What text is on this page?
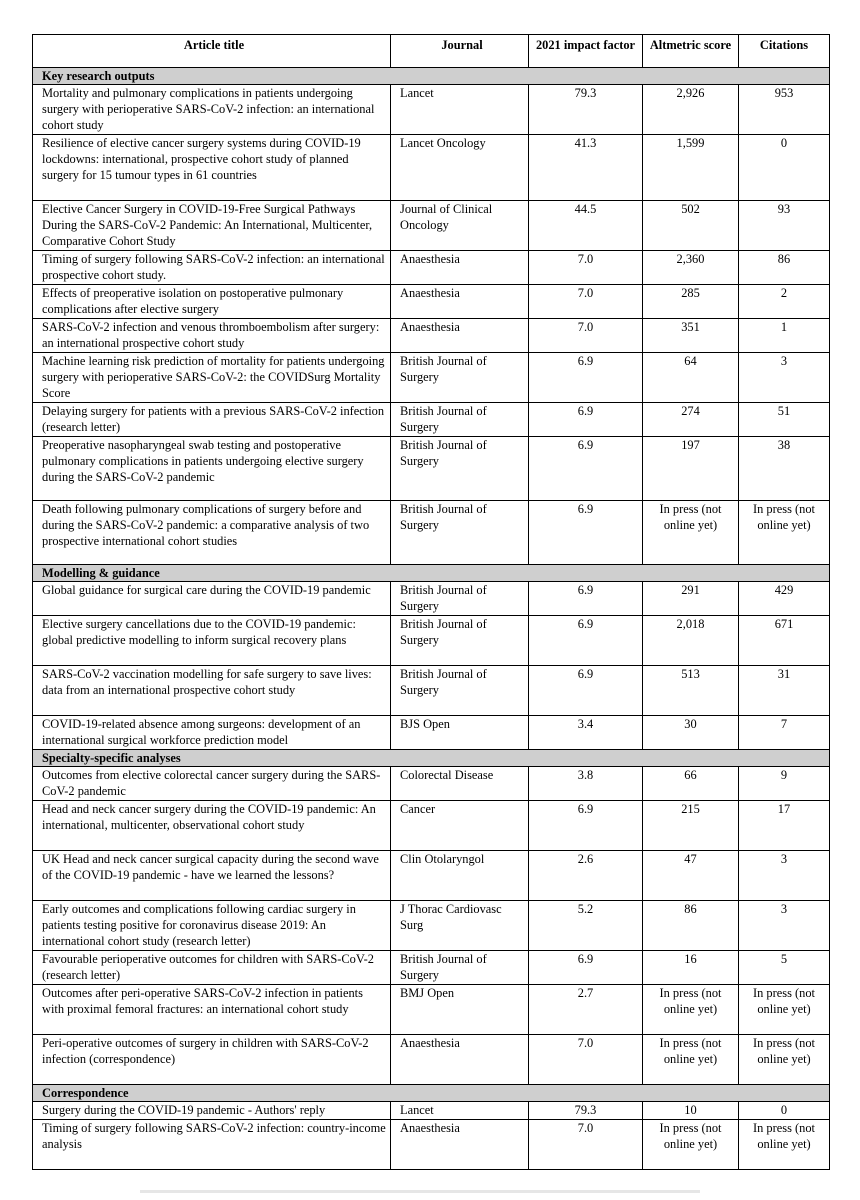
Article title	Journal	2021 impact factor	Altmetric score	Citations
Key research outputs				
Mortality and pulmonary complications in patients undergoing surgery with perioperative SARS-CoV-2 infection: an international cohort study	Lancet	79.3	2,926	953
Resilience of elective cancer surgery systems during COVID-19 lockdowns: international, prospective cohort study of planned surgery for 15 tumour types in 61 countries	Lancet Oncology	41.3	1,599	0
Elective Cancer Surgery in COVID-19-Free Surgical Pathways During the SARS-CoV-2 Pandemic: An International, Multicenter, Comparative Cohort Study	Journal of Clinical Oncology	44.5	502	93
Timing of surgery following SARS-CoV-2 infection: an international prospective cohort study.	Anaesthesia	7.0	2,360	86
Effects of preoperative isolation on postoperative pulmonary complications after elective surgery	Anaesthesia	7.0	285	2
SARS-CoV-2 infection and venous thromboembolism after surgery: an international prospective cohort study	Anaesthesia	7.0	351	1
Machine learning risk prediction of mortality for patients undergoing surgery with perioperative SARS-CoV-2: the COVIDSurg Mortality Score	British Journal of Surgery	6.9	64	3
Delaying surgery for patients with a previous SARS-CoV-2 infection (research letter)	British Journal of Surgery	6.9	274	51
Preoperative nasopharyngeal swab testing and postoperative pulmonary complications in patients undergoing elective surgery during the SARS-CoV-2 pandemic	British Journal of Surgery	6.9	197	38
Death following pulmonary complications of surgery before and during the SARS-CoV-2 pandemic: a comparative analysis of two prospective international cohort studies	British Journal of Surgery	6.9	In press (not online yet)	In press (not online yet)
Modelling & guidance				
Global guidance for surgical care during the COVID-19 pandemic	British Journal of Surgery	6.9	291	429
Elective surgery cancellations due to the COVID-19 pandemic: global predictive modelling to inform surgical recovery plans	British Journal of Surgery	6.9	2,018	671
SARS-CoV-2 vaccination modelling for safe surgery to save lives: data from an international prospective cohort study	British Journal of Surgery	6.9	513	31
COVID-19-related absence among surgeons: development of an international surgical workforce prediction model	BJS Open	3.4	30	7
Specialty-specific analyses				
Outcomes from elective colorectal cancer surgery during the SARS-CoV-2 pandemic	Colorectal Disease	3.8	66	9
Head and neck cancer surgery during the COVID-19 pandemic: An international, multicenter, observational cohort study	Cancer	6.9	215	17
UK Head and neck cancer surgical capacity during the second wave of the COVID-19 pandemic - have we learned the lessons?	Clin Otolaryngol	2.6	47	3
Early outcomes and complications following cardiac surgery in patients testing positive for coronavirus disease 2019: An international cohort study (research letter)	J Thorac Cardiovasc Surg	5.2	86	3
Favourable perioperative outcomes for children with SARS-CoV-2 (research letter)	British Journal of Surgery	6.9	16	5
Outcomes after peri-operative SARS-CoV-2 infection in patients with proximal femoral fractures: an international cohort study	BMJ Open	2.7	In press (not online yet)	In press (not online yet)
Peri-operative outcomes of surgery in children with SARS-CoV-2 infection (correspondence)	Anaesthesia	7.0	In press (not online yet)	In press (not online yet)
Correspondence				
Surgery during the COVID-19 pandemic - Authors' reply	Lancet	79.3	10	0
Timing of surgery following SARS-CoV-2 infection: country-income analysis	Anaesthesia	7.0	In press (not online yet)	In press (not online yet)
